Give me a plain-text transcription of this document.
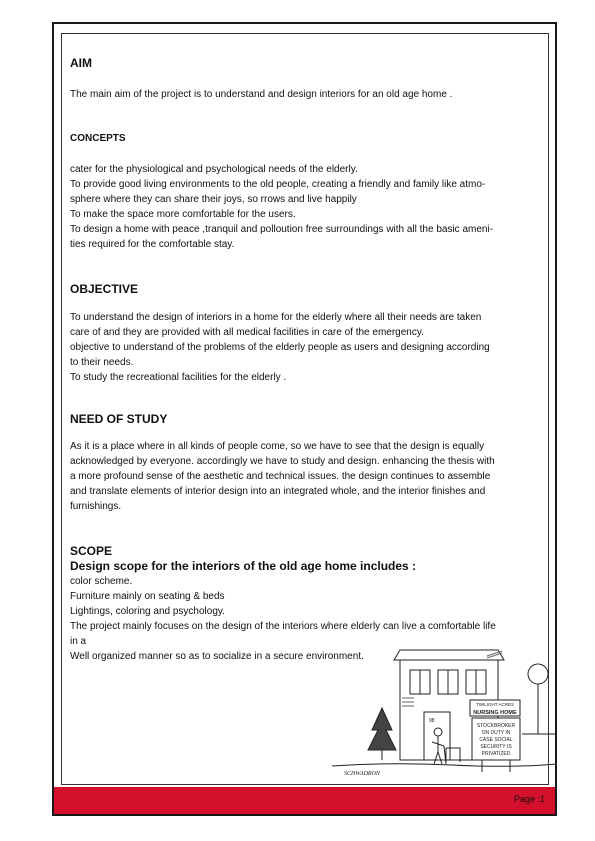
AIM

The main aim of the project is to understand and design interiors for an old age home .

CONCEPTS

cater for the physiological and psychological needs of the elderly.

To provide good living environments to the old people, creating a friendly and family like atmo-

sphere where they can share their joys, so rrows and live happily

To make the space more comfortable for the users.

To design a home with peace ,tranquil and polloution free surroundings with all the basic ameni-

ties required for the comfortable stay.

OBJECTIVE

To understand the design of interiors in a home for the elderly where all their needs are taken

care of and they are provided with all medical facilities in care of the emergency.

objective to understand of the problems of the elderly people as users and designing according

to their needs.

To study the recreational facilities for the elderly .

NEED OF STUDY

As it is a place where in all kinds of people come, so we have to see that the design is equally

acknowledged by everyone. accordingly we have to study and design. enhancing the thesis with

a more profound sense of the aesthetic and technical issues. the design continues to assemble

and translate elements of interior design into an integrated whole, and the interior finishes and

furnishings.

SCOPE
Design scope for the interiors of the old age home includes :

color scheme.

Furniture mainly on seating & beds

Lightings, coloring and psychology.

The project mainly focuses on the design of the interiors where elderly can live a comfortable life

in a

Well organized manner so as to socialize in a secure environment.

TWILIGHT ACRES
NURSING HOME
STOCKBROKER
ON DUTY IN
CASE SOCIAL
SECURITY IS
PRIVATIZED
98
SCHWADRON
Page :1
